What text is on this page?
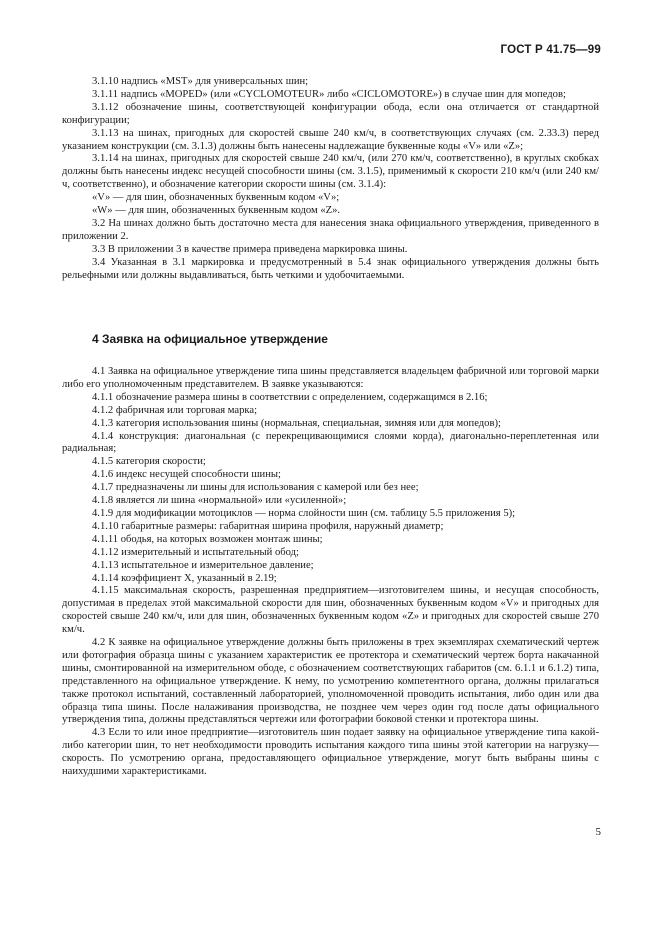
ГОСТ Р 41.75—99

3.1.10 надпись «MST» для универсальных шин;

3.1.11 надпись «MOPED» (или «CYCLOMOTEUR» либо «CICLOMOTORE») в случае шин для мопедов;

3.1.12 обозначение шины, соответствующей конфигурации обода, если она отличается от стандартной конфигурации;

3.1.13 на шинах, пригодных для скоростей свыше 240 км/ч, в соответствующих случаях (см. 2.33.3) перед указанием конструкции (см. 3.1.3) должны быть нанесены надлежащие буквенные коды «V» или «Z»;

3.1.14 на шинах, пригодных для скоростей свыше 240 км/ч, (или 270 км/ч, соответственно), в круглых скобках должны быть нанесены индекс несущей способности шины (см. 3.1.5), применимый к скорости 210 км/ч (или 240 км/ч, соответственно), и обозначение категории скорости шины (см. 3.1.4):

«V» — для шин, обозначенных буквенным кодом «V»;

«W» — для шин, обозначенных буквенным кодом «Z».

3.2 На шинах должно быть достаточно места для нанесения знака официального утверждения, приведенного в приложении 2.

3.3 В приложении 3 в качестве примера приведена маркировка шины.

3.4 Указанная в 3.1 маркировка и предусмотренный в 5.4 знак официального утверждения должны быть рельефными или должны выдавливаться, быть четкими и удобочитаемыми.

4 Заявка на официальное утверждение

4.1 Заявка на официальное утверждение типа шины представляется владельцем фабричной или торговой марки либо его уполномоченным представителем. В заявке указываются:

4.1.1 обозначение размера шины в соответствии с определением, содержащимся в 2.16;

4.1.2 фабричная или торговая марка;

4.1.3 категория использования шины (нормальная, специальная, зимняя или для мопедов);

4.1.4 конструкция: диагональная (с перекрещивающимися слоями корда), диагонально-переплетенная или радиальная;

4.1.5 категория скорости;

4.1.6 индекс несущей способности шины;

4.1.7 предназначены ли шины для использования с камерой или без нее;

4.1.8 является ли шина «нормальной» или «усиленной»;

4.1.9 для модификации мотоциклов — норма слойности шин (см. таблицу 5.5 приложения 5);

4.1.10 габаритные размеры: габаритная ширина профиля, наружный диаметр;

4.1.11 ободья, на которых возможен монтаж шины;

4.1.12 измерительный и испытательный обод;

4.1.13 испытательное и измерительное давление;

4.1.14 коэффициент X, указанный в 2.19;

4.1.15 максимальная скорость, разрешенная предприятием—изготовителем шины, и несущая способность, допустимая в пределах этой максимальной скорости для шин, обозначенных буквенным кодом «V» и пригодных для скоростей свыше 240 км/ч, или для шин, обозначенных буквенным кодом «Z» и пригодных для скоростей свыше 270 км/ч.

4.2 К заявке на официальное утверждение должны быть приложены в трех экземплярах схематический чертеж или фотография образца шины с указанием характеристик ее протектора и схематический чертеж борта накачанной шины, смонтированной на измерительном ободе, с обозначением соответствующих габаритов (см. 6.1.1 и 6.1.2) типа, представленного на официальное утверждение. К нему, по усмотрению компетентного органа, должны прилагаться также протокол испытаний, составленный лабораторией, уполномоченной проводить испытания, либо один или два образца типа шины. После налаживания производства, не позднее чем через один год после даты официального утверждения типа, должны представляться чертежи или фотографии боковой стенки и протектора шины.

4.3 Если то или иное предприятие—изготовитель шин подает заявку на официальное утверждение типа какой-либо категории шин, то нет необходимости проводить испытания каждого типа шины этой категории на нагрузку—скорость. По усмотрению органа, предоставляющего официальное утверждение, могут быть выбраны шины с наихудшими характеристиками.

5
